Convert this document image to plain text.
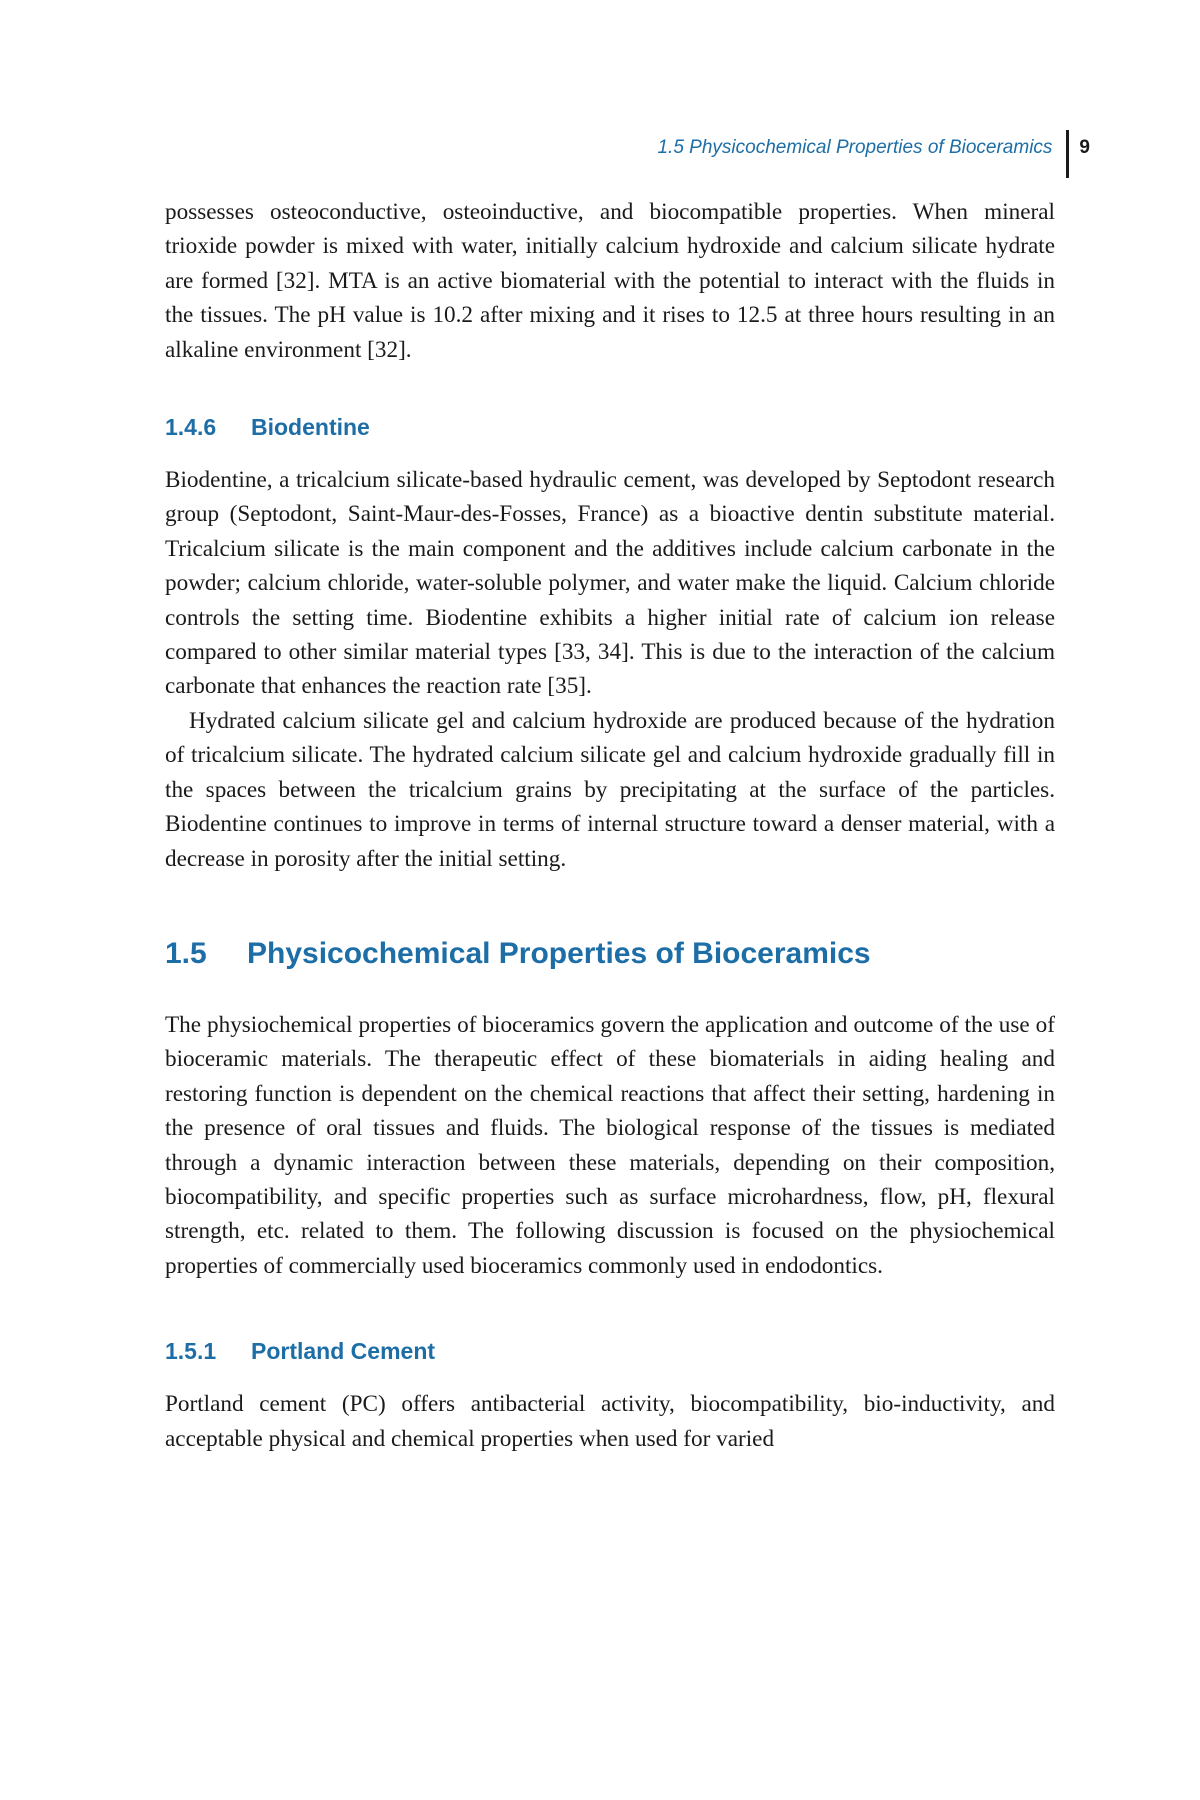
1.5 Physicochemical Properties of Bioceramics	9

possesses osteoconductive, osteoinductive, and biocompatible properties. When mineral trioxide powder is mixed with water, initially calcium hydroxide and calcium silicate hydrate are formed [32]. MTA is an active biomaterial with the potential to interact with the fluids in the tissues. The pH value is 10.2 after mixing and it rises to 12.5 at three hours resulting in an alkaline environment [32].

1.4.6 Biodentine

Biodentine, a tricalcium silicate-based hydraulic cement, was developed by Septodont research group (Septodont, Saint-Maur-des-Fosses, France) as a bioactive dentin substitute material. Tricalcium silicate is the main component and the additives include calcium carbonate in the powder; calcium chloride, water-soluble polymer, and water make the liquid. Calcium chloride controls the setting time. Biodentine exhibits a higher initial rate of calcium ion release compared to other similar material types [33, 34]. This is due to the interaction of the calcium carbonate that enhances the reaction rate [35].

Hydrated calcium silicate gel and calcium hydroxide are produced because of the hydration of tricalcium silicate. The hydrated calcium silicate gel and calcium hydroxide gradually fill in the spaces between the tricalcium grains by precipitating at the surface of the particles. Biodentine continues to improve in terms of internal structure toward a denser material, with a decrease in porosity after the initial setting.

1.5 Physicochemical Properties of Bioceramics

The physiochemical properties of bioceramics govern the application and outcome of the use of bioceramic materials. The therapeutic effect of these biomaterials in aiding healing and restoring function is dependent on the chemical reactions that affect their setting, hardening in the presence of oral tissues and fluids. The biological response of the tissues is mediated through a dynamic interaction between these materials, depending on their composition, biocompatibility, and specific properties such as surface microhardness, flow, pH, flexural strength, etc. related to them. The following discussion is focused on the physiochemical properties of commercially used bioceramics commonly used in endodontics.

1.5.1 Portland Cement

Portland cement (PC) offers antibacterial activity, biocompatibility, bio-inductivity, and acceptable physical and chemical properties when used for varied
